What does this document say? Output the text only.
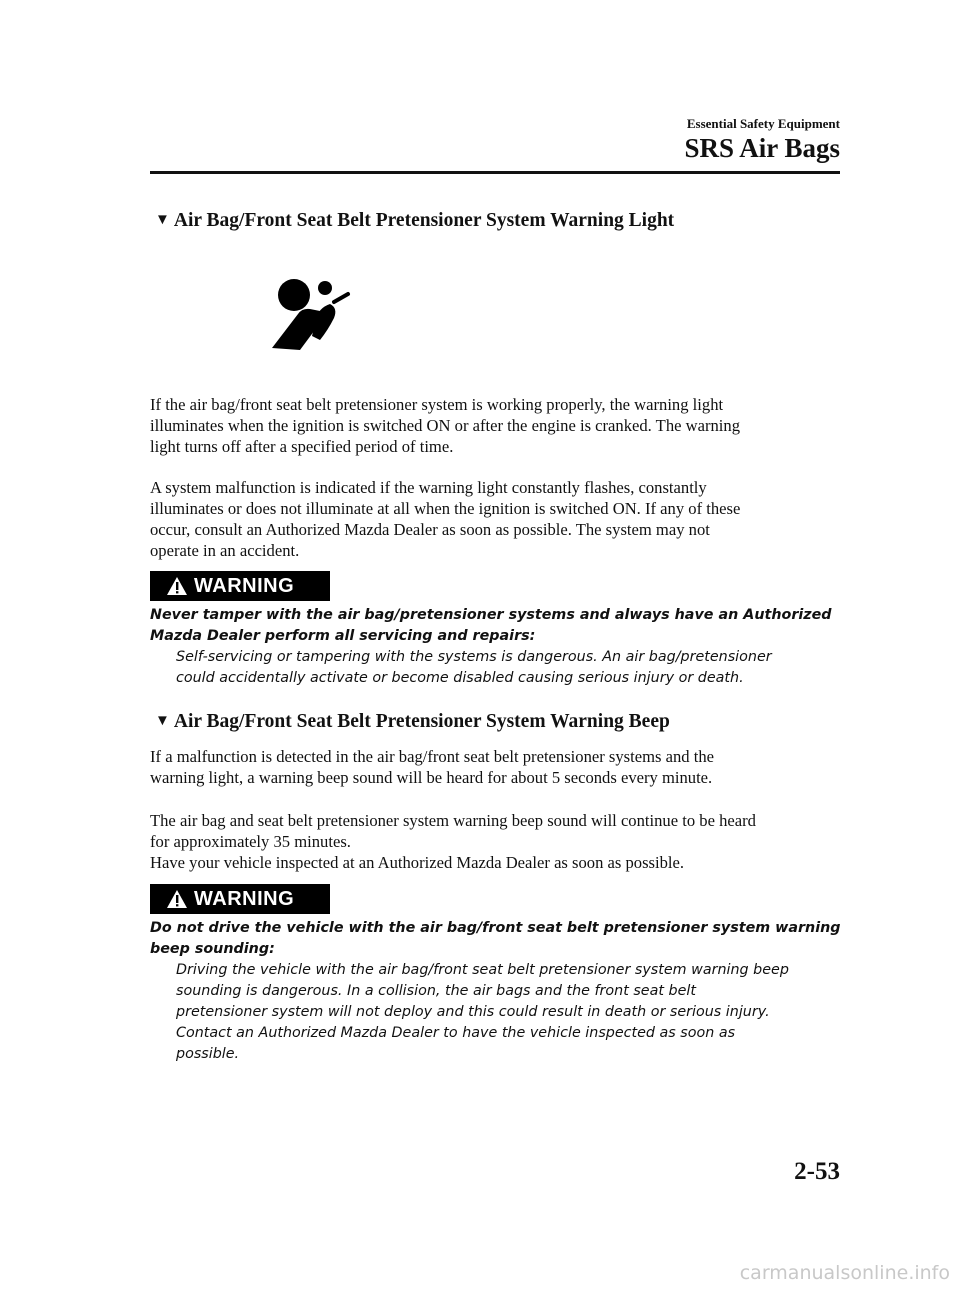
Essential Safety Equipment
SRS Air Bags
▼ Air Bag/Front Seat Belt Pretensioner System Warning Light

If the air bag/front seat belt pretensioner system is working properly, the warning light
illuminates when the ignition is switched ON or after the engine is cranked. The warning
light turns off after a specified period of time.

A system malfunction is indicated if the warning light constantly flashes, constantly
illuminates or does not illuminate at all when the ignition is switched ON. If any of these
occur, consult an Authorized Mazda Dealer as soon as possible. The system may not
operate in an accident.

WARNING

Never tamper with the air bag/pretensioner systems and always have an Authorized
Mazda Dealer perform all servicing and repairs:
Self-servicing or tampering with the systems is dangerous. An air bag/pretensioner
could accidentally activate or become disabled causing serious injury or death.

▼ Air Bag/Front Seat Belt Pretensioner System Warning Beep

If a malfunction is detected in the air bag/front seat belt pretensioner systems and the
warning light, a warning beep sound will be heard for about 5 seconds every minute.

The air bag and seat belt pretensioner system warning beep sound will continue to be heard
for approximately 35 minutes.
Have your vehicle inspected at an Authorized Mazda Dealer as soon as possible.

WARNING

Do not drive the vehicle with the air bag/front seat belt pretensioner system warning
beep sounding:
Driving the vehicle with the air bag/front seat belt pretensioner system warning beep
sounding is dangerous. In a collision, the air bags and the front seat belt
pretensioner system will not deploy and this could result in death or serious injury.
Contact an Authorized Mazda Dealer to have the vehicle inspected as soon as
possible.

2-53
carmanualsonline.info
